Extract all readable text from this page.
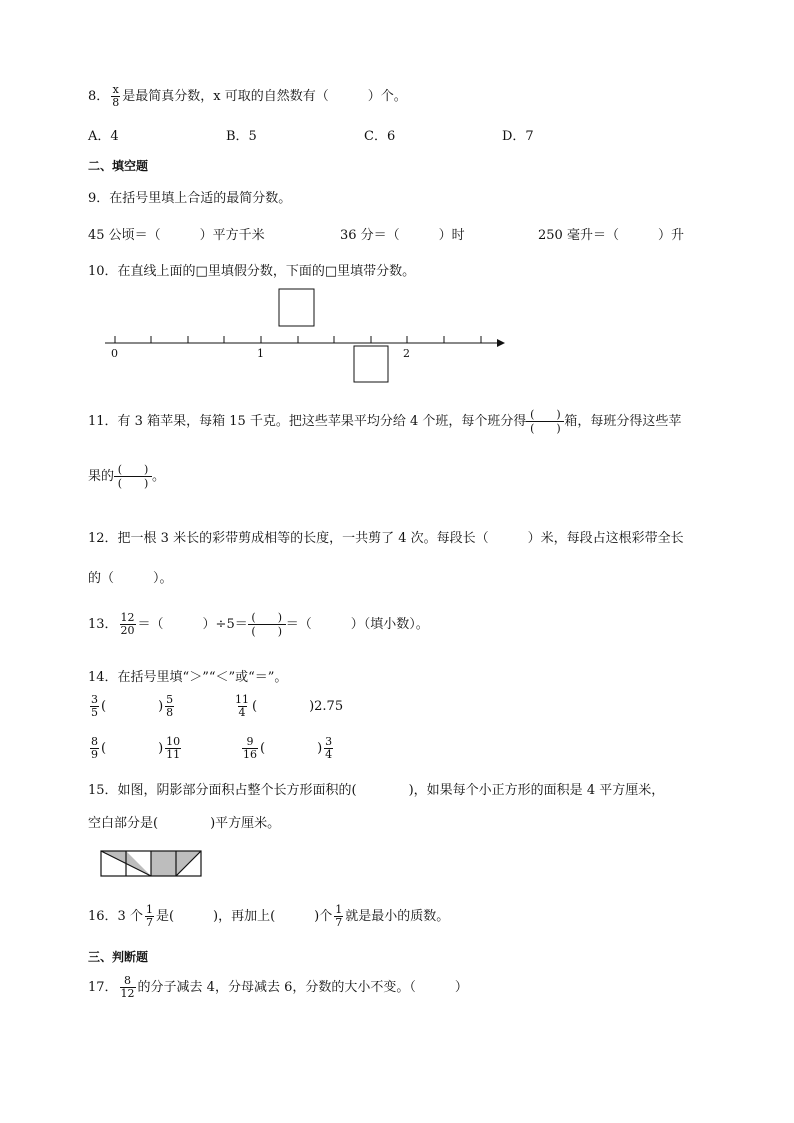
8． $\frac{x}{8}$ 是最简真分数，x 可取的自然数有（　　　）个。
A．4	B．5	C．6	D．7
二、填空题
9．在括号里填上合适的最简分数。
45 公顷＝（　　　）平方千米	36 分＝（　　　）时	250 毫升＝（　　　）升
10．在直线上面的□里填假分数，下面的□里填带分数。
0	1	2
11．有 3 箱苹果，每箱 15 千克。把这些苹果平均分给 4 个班，每个班分得 $\frac{( )}{( )}$ 箱，每班分得这些苹
果的 $\frac{( )}{( )}$ 。
12．把一根 3 米长的彩带剪成相等的长度，一共剪了 4 次。每段长（　　　）米，每段占这根彩带全长
的（　　　）。
13． $\frac{12}{20}$ ＝（　　　）$\div 5= \frac{( )}{( )}$ ＝（　　　）（填小数）。
14．在括号里填“＞”“＜”或“＝”。
$\frac{3}{5}$ (　　　　) $\frac{5}{8}$	$\frac{11}{4}$ (　　　　)2.75
$\frac{8}{9}$ (　　　　) $\frac{10}{11}$	$\frac{9}{16}$ (　　　　) $\frac{3}{4}$
15．如图，阴影部分面积占整个长方形面积的(　　　　)，如果每个小正方形的面积是 4 平方厘米，
空白部分是(　　　　)平方厘米。
16．3 个 $\frac{1}{7}$ 是(　　　)，再加上(　　　)个 $\frac{1}{7}$ 就是最小的质数。
三、判断题
17． $\frac{8}{12}$ 的分子减去 4，分母减去 6，分数的大小不变。（　　　）
